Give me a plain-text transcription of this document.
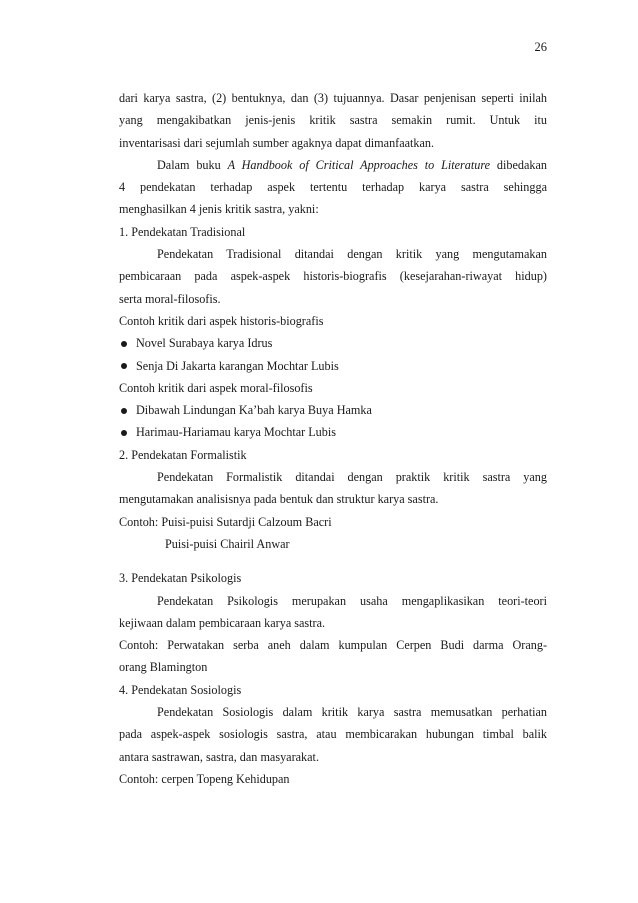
26
dari karya sastra, (2) bentuknya, dan (3) tujuannya. Dasar penjenisan seperti inilah
yang mengakibatkan jenis-jenis kritik sastra semakin rumit. Untuk itu
inventarisasi dari sejumlah sumber agaknya dapat dimanfaatkan.
Dalam buku A Handbook of Critical Approaches to Literature dibedakan
4 pendekatan terhadap aspek tertentu terhadap karya sastra sehingga
menghasilkan 4 jenis kritik sastra, yakni:
1. Pendekatan Tradisional
Pendekatan Tradisional ditandai dengan kritik yang mengutamakan
pembicaraan pada aspek-aspek historis-biografis (kesejarahan-riwayat hidup)
serta moral-filosofis.
Contoh kritik dari aspek historis-biografis
Novel Surabaya karya Idrus
Senja Di Jakarta karangan Mochtar Lubis
Contoh kritik dari aspek moral-filosofis
Dibawah Lindungan Ka’bah karya Buya Hamka
Harimau-Hariamau karya Mochtar Lubis
2. Pendekatan Formalistik
Pendekatan Formalistik ditandai dengan praktik kritik sastra yang
mengutamakan analisisnya pada bentuk dan struktur karya sastra.
Contoh: Puisi-puisi Sutardji Calzoum Bacri
Puisi-puisi Chairil Anwar
3. Pendekatan Psikologis
Pendekatan Psikologis merupakan usaha mengaplikasikan teori-teori
kejiwaan dalam pembicaraan karya sastra.
Contoh: Perwatakan serba aneh dalam kumpulan Cerpen Budi darma Orang-
orang Blamington
4. Pendekatan Sosiologis
Pendekatan Sosiologis dalam kritik karya sastra memusatkan perhatian
pada aspek-aspek sosiologis sastra, atau membicarakan hubungan timbal balik
antara sastrawan, sastra, dan masyarakat.
Contoh: cerpen Topeng Kehidupan
